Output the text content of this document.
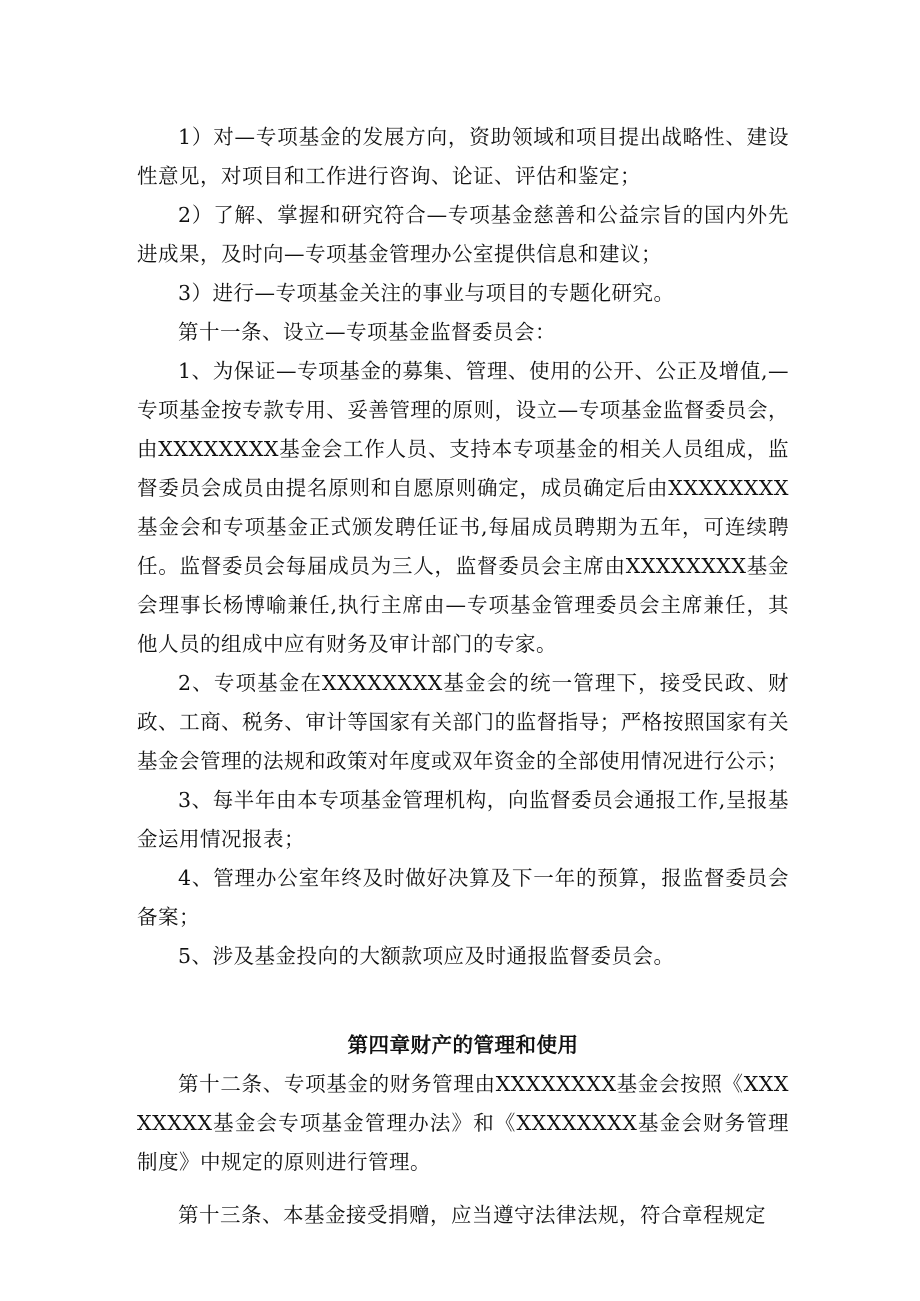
1）对—专项基金的发展方向，资助领域和项目提出战略性、建设性意见，对项目和工作进行咨询、论证、评估和鉴定；

2）了解、掌握和研究符合—专项基金慈善和公益宗旨的国内外先进成果，及时向—专项基金管理办公室提供信息和建议；

3）进行—专项基金关注的事业与项目的专题化研究。

第十一条、设立—专项基金监督委员会：

1、为保证—专项基金的募集、管理、使用的公开、公正及增值,—专项基金按专款专用、妥善管理的原则，设立—专项基金监督委员会，由XXXXXXXX基金会工作人员、支持本专项基金的相关人员组成，监督委员会成员由提名原则和自愿原则确定，成员确定后由XXXXXXXX基金会和专项基金正式颁发聘任证书,每届成员聘期为五年，可连续聘任。监督委员会每届成员为三人，监督委员会主席由XXXXXXXX基金会理事长杨博喻兼任,执行主席由—专项基金管理委员会主席兼任，其他人员的组成中应有财务及审计部门的专家。

2、专项基金在XXXXXXXX基金会的统一管理下，接受民政、财政、工商、税务、审计等国家有关部门的监督指导；严格按照国家有关基金会管理的法规和政策对年度或双年资金的全部使用情况进行公示；

3、每半年由本专项基金管理机构，向监督委员会通报工作,呈报基金运用情况报表；

4、管理办公室年终及时做好决算及下一年的预算，报监督委员会备案；

5、涉及基金投向的大额款项应及时通报监督委员会。

第四章财产的管理和使用

第十二条、专项基金的财务管理由XXXXXXXX基金会按照《XXXXXXXX基金会专项基金管理办法》和《XXXXXXXX基金会财务管理制度》中规定的原则进行管理。

第十三条、本基金接受捐赠，应当遵守法律法规，符合章程规定
